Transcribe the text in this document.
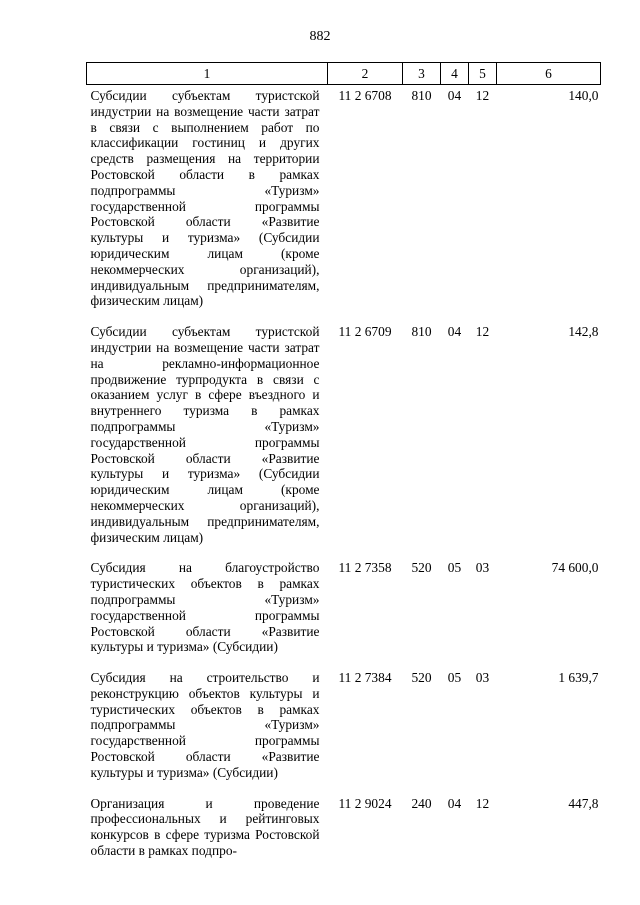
882
1	2	3	4	5	6
Субсидии субъектам туристской индустрии на возмещение части затрат в связи с выполнением работ по классификации гостиниц и других средств размещения на территории Ростовской области в рамках подпрограммы «Туризм» государственной программы Ростовской области «Развитие культуры и туризма» (Субсидии юридическим лицам (кроме некоммерческих организаций), индивидуальным предпринимателям, физическим лицам)	11 2 6708	810	04	12	140,0
Субсидии субъектам туристской индустрии на возмещение части затрат на рекламно-информационное продвижение турпродукта в связи с оказанием услуг в сфере въездного и внутреннего туризма в рамках подпрограммы «Туризм» государственной программы Ростовской области «Развитие культуры и туризма» (Субсидии юридическим лицам (кроме некоммерческих организаций), индивидуальным предпринимателям, физическим лицам)	11 2 6709	810	04	12	142,8
Субсидия на благоустройство туристических объектов в рамках подпрограммы «Туризм» государственной программы Ростовской области «Развитие культуры и туризма» (Субсидии)	11 2 7358	520	05	03	74 600,0
Субсидия на строительство и реконструкцию объектов культуры и туристических объектов в рамках подпрограммы «Туризм» государственной программы Ростовской области «Развитие культуры и туризма» (Субсидии)	11 2 7384	520	05	03	1 639,7
Организация и проведение профессиональных и рейтинговых конкурсов в сфере туризма Ростовской области в рамках подпро-	11 2 9024	240	04	12	447,8
